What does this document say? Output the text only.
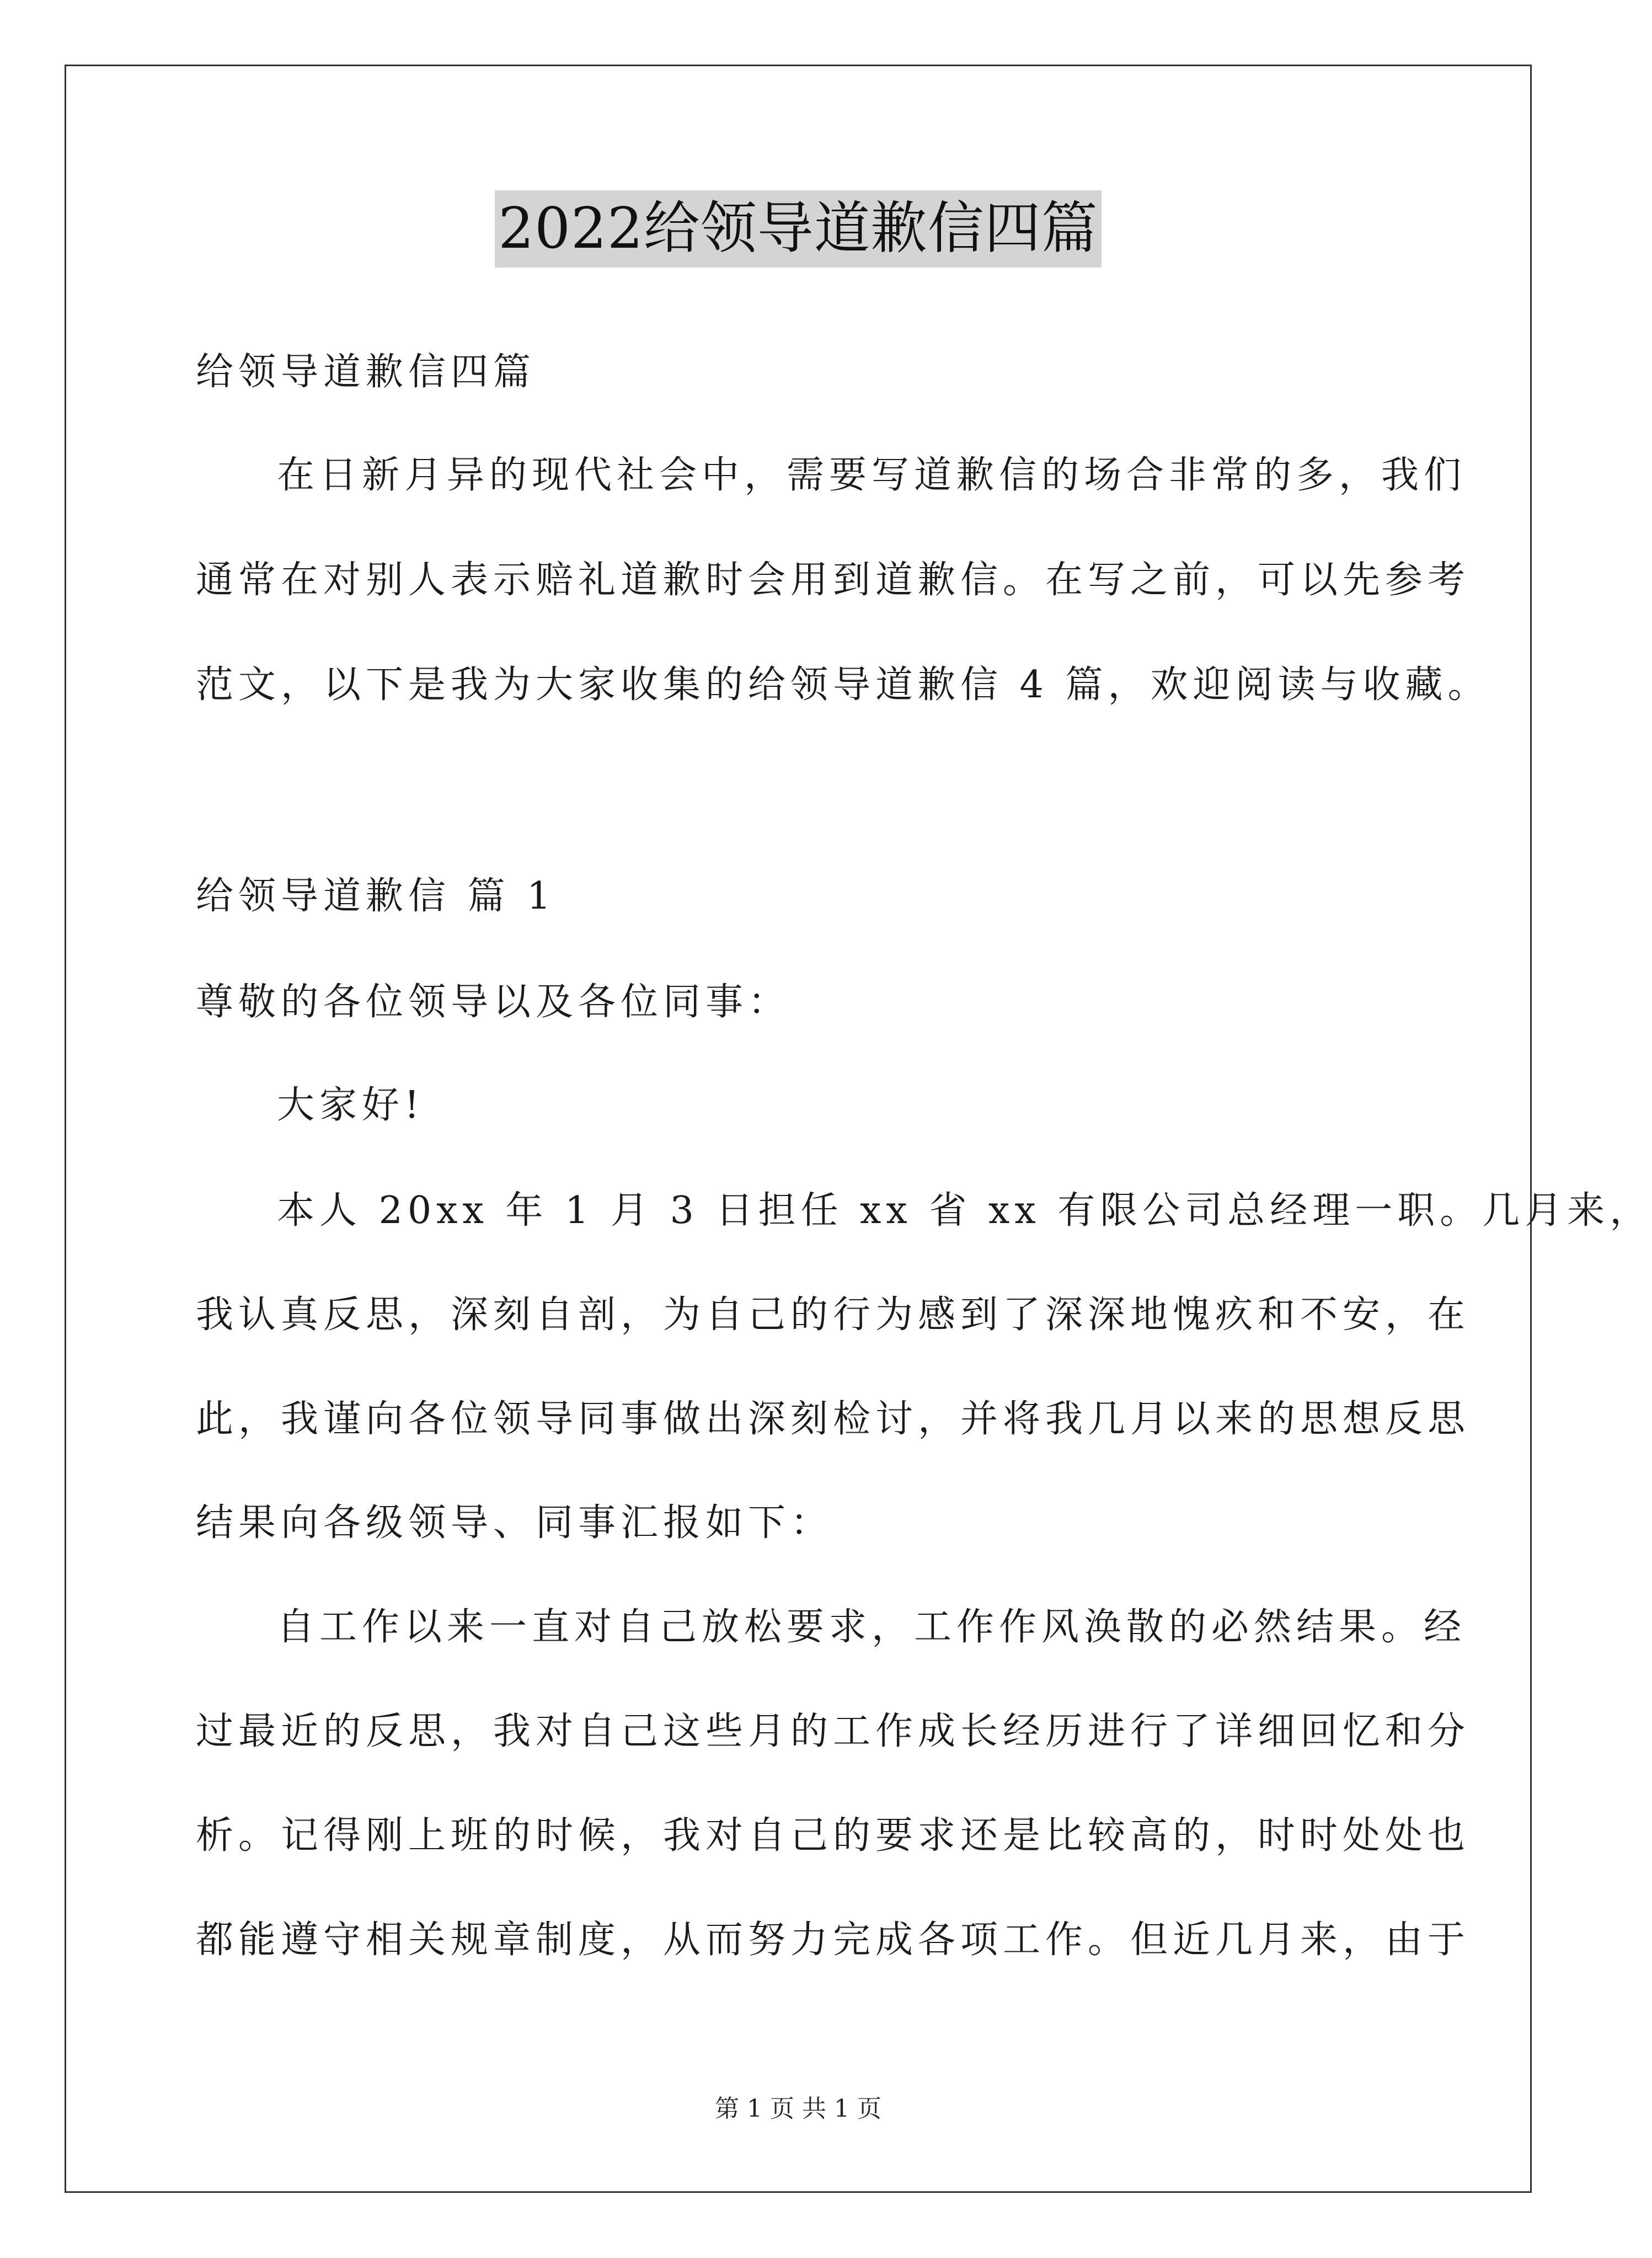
2022给领导道歉信四篇
给领导道歉信四篇
在日新月异的现代社会中，需要写道歉信的场合非常的多，我们
通常在对别人表示赔礼道歉时会用到道歉信。在写之前，可以先参考
范文，以下是我为大家收集的给领导道歉信 4 篇，欢迎阅读与收藏。
给领导道歉信 篇 1
尊敬的各位领导以及各位同事：
大家好!
本人 20xx 年 1 月 3 日担任 xx 省 xx 有限公司总经理一职。几月来，
我认真反思，深刻自剖，为自己的行为感到了深深地愧疚和不安，在
此，我谨向各位领导同事做出深刻检讨，并将我几月以来的思想反思
结果向各级领导、同事汇报如下：
自工作以来一直对自己放松要求，工作作风涣散的必然结果。经
过最近的反思，我对自己这些月的工作成长经历进行了详细回忆和分
析。记得刚上班的时候，我对自己的要求还是比较高的，时时处处也
都能遵守相关规章制度，从而努力完成各项工作。但近几月来，由于
第 1 页 共 1 页
